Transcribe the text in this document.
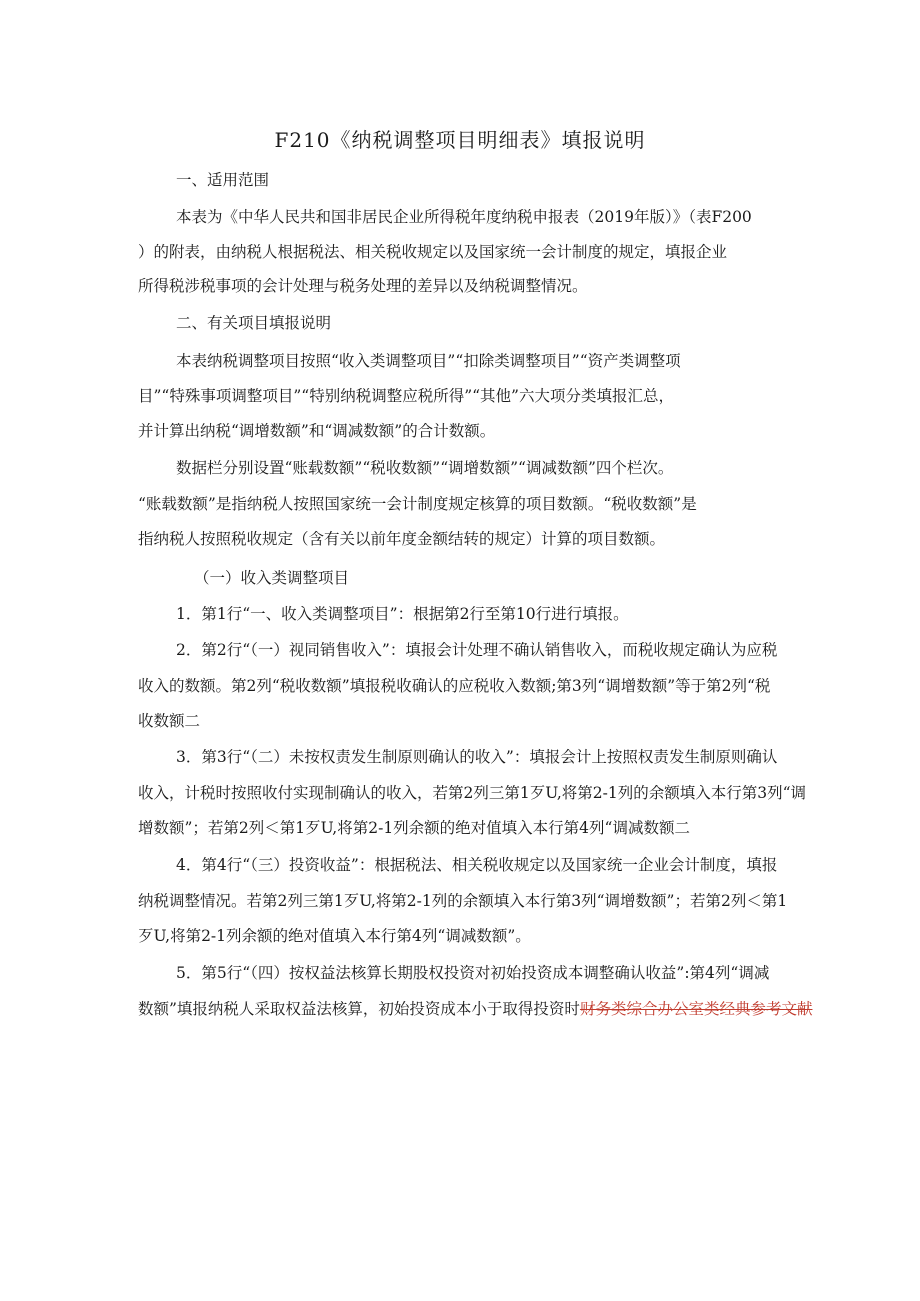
F210《纳税调整项目明细表》填报说明
一、适用范围
本表为《中华人民共和国非居民企业所得税年度纳税申报表（2019年版）》（表F200
）的附表，由纳税人根据税法、相关税收规定以及国家统一会计制度的规定，填报企业
所得税涉税事项的会计处理与税务处理的差异以及纳税调整情况。
二、有关项目填报说明
本表纳税调整项目按照“收入类调整项目”“扣除类调整项目”“资产类调整项
目”“特殊事项调整项目”“特别纳税调整应税所得”“其他”六大项分类填报汇总，
并计算出纳税“调增数额”和“调减数额”的合计数额。
数据栏分别设置“账载数额”“税收数额”“调增数额”“调减数额”四个栏次。
“账载数额”是指纳税人按照国家统一会计制度规定核算的项目数额。“税收数额”是
指纳税人按照税收规定（含有关以前年度金额结转的规定）计算的项目数额。
（一）收入类调整项目
1．第1行“一、收入类调整项目”：根据第2行至第10行进行填报。
2．第2行“（一）视同销售收入”：填报会计处理不确认销售收入，而税收规定确认为应税
收入的数额。第2列“税收数额”填报税收确认的应税收入数额;第3列“调增数额”等于第2列“税
收数额二
3．第3行“（二）未按权责发生制原则确认的收入”：填报会计上按照权责发生制原则确认
收入，计税时按照收付实现制确认的收入，若第2列三第1歹U,将第2-1列的余额填入本行第3列“调
增数额”；若第2列＜第1歹U,将第2-1列余额的绝对值填入本行第4列“调减数额二
4．第4行“（三）投资收益”：根据税法、相关税收规定以及国家统一企业会计制度，填报
纳税调整情况。若第2列三第1歹U,将第2-1列的余额填入本行第3列“调增数额”；若第2列＜第1
歹U,将第2-1列余额的绝对值填入本行第4列“调减数额”。
5．第5行“（四）按权益法核算长期股权投资对初始投资成本调整确认收益”:第4列“调减
数额”填报纳税人采取权益法核算，初始投资成本小于取得投资时财务类综合办公室类经典参考文献
